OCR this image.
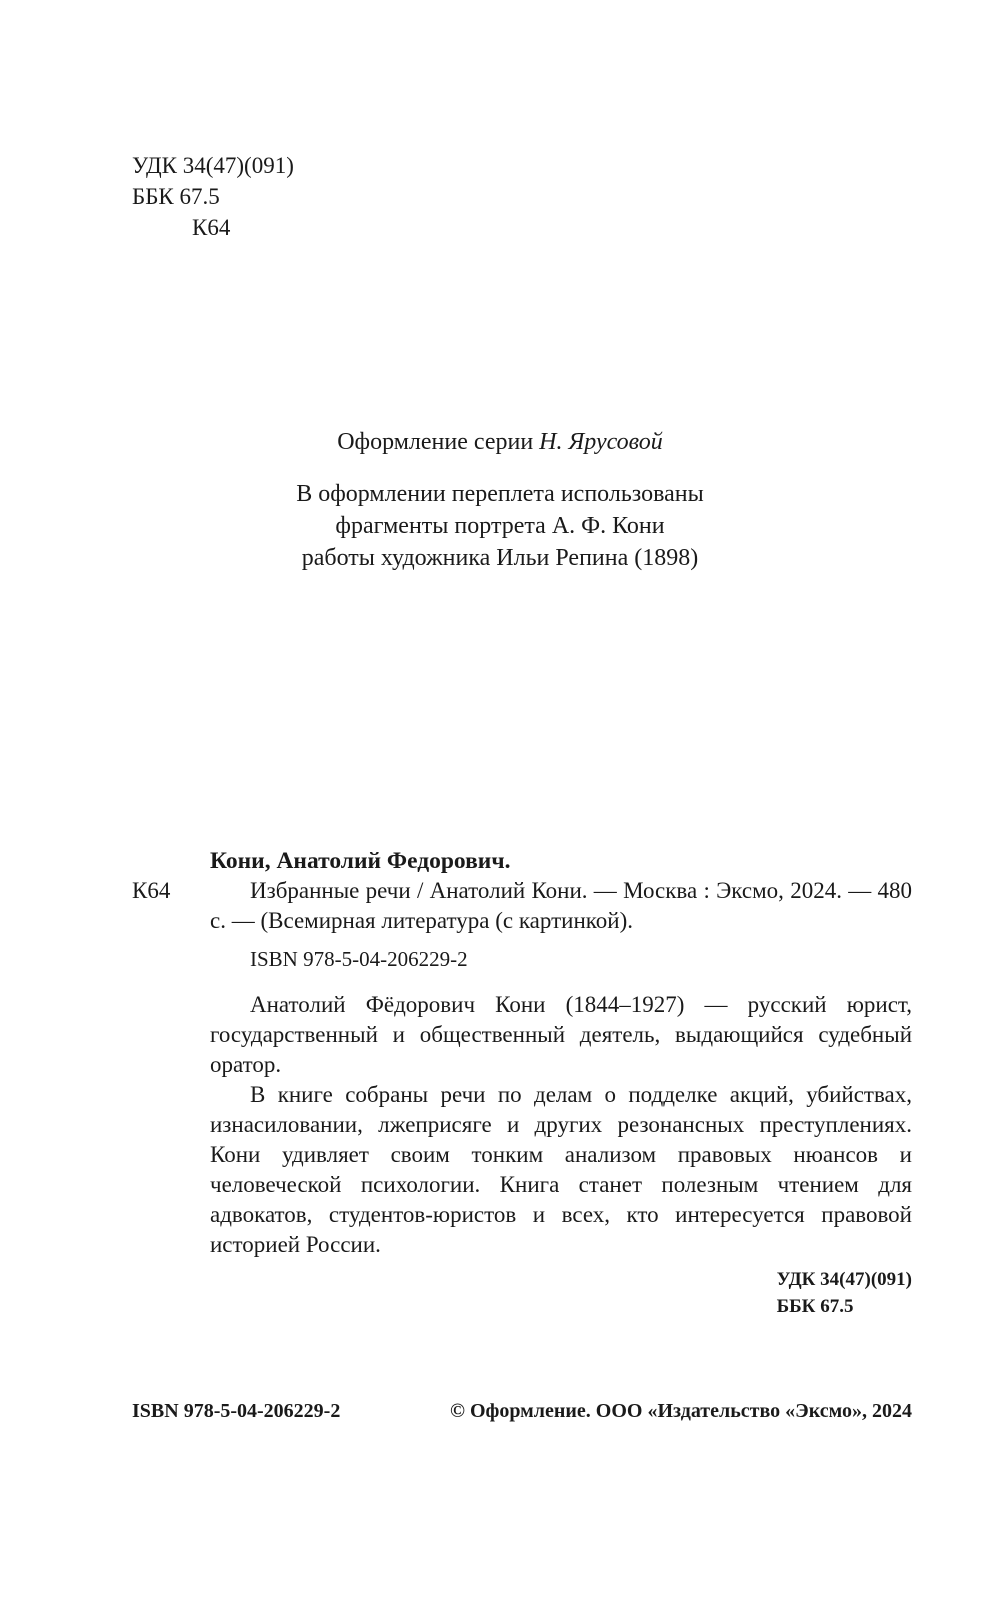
УДК 34(47)(091)
ББК 67.5
К64

Оформление серии Н. Ярусовой

В оформлении переплета использованы
фрагменты портрета А. Ф. Кони
работы художника Ильи Репина (1898)
Кони, Анатолий Федорович.
К64	Избранные речи / Анатолий Кони. — Москва : Эксмо, 2024. — 480 с. — (Всемирная литература (с картинкой).
ISBN 978-5-04-206229-2

Анатолий Фёдорович Кони (1844–1927) — русский юрист, государственный и общественный деятель, выдающийся судебный оратор.

В книге собраны речи по делам о подделке акций, убийствах, изнасиловании, лжеприсяге и других резонансных преступлениях. Кони удивляет своим тонким анализом правовых нюансов и человеческой психологии. Книга станет полезным чтением для адвокатов, студентов-юристов и всех, кто интересуется правовой историей России.

УДК 34(47)(091)
ББК 67.5
ISBN 978-5-04-206229-2	© Оформление. ООО «Издательство «Эксмо», 2024
